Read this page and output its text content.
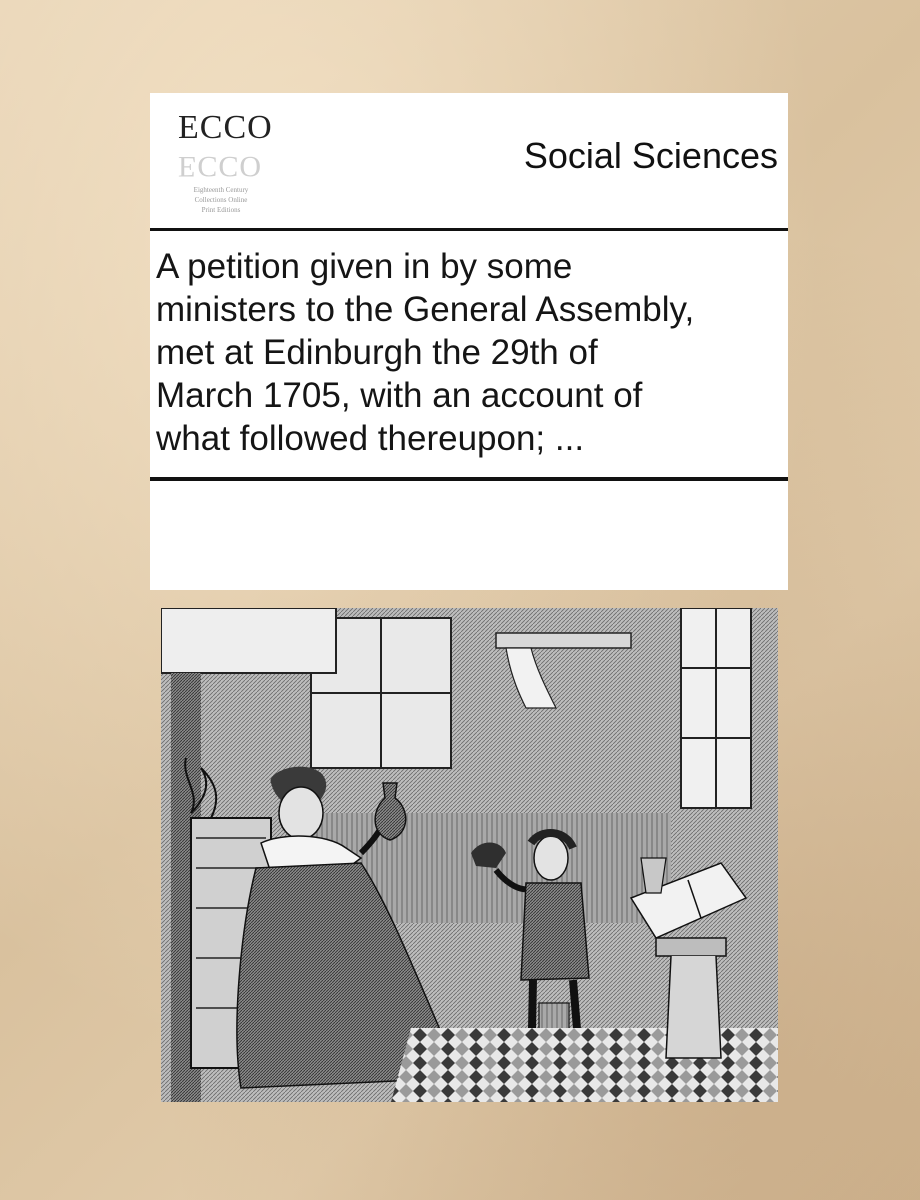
ECCO
ECCO
Eighteenth Century
Collections Online
Print Editions
Social Sciences
A petition given in by some
ministers to the General Assembly,
met at Edinburgh the 29th of
March 1705, with an account of
what followed thereupon; ...
